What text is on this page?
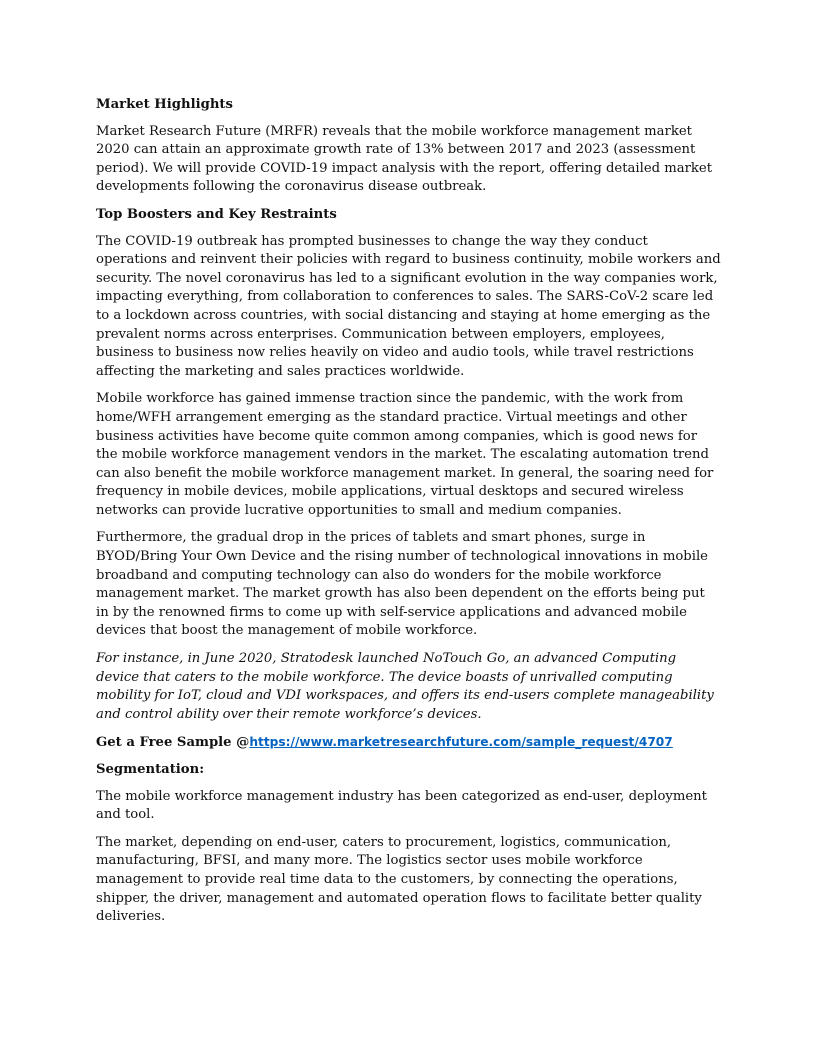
Market Highlights

Market Research Future (MRFR) reveals that the mobile workforce management market 2020 can attain an approximate growth rate of 13% between 2017 and 2023 (assessment period). We will provide COVID-19 impact analysis with the report, offering detailed market developments following the coronavirus disease outbreak.

Top Boosters and Key Restraints

The COVID-19 outbreak has prompted businesses to change the way they conduct operations and reinvent their policies with regard to business continuity, mobile workers and security. The novel coronavirus has led to a significant evolution in the way companies work, impacting everything, from collaboration to conferences to sales. The SARS-CoV-2 scare led to a lockdown across countries, with social distancing and staying at home emerging as the prevalent norms across enterprises. Communication between employers, employees, business to business now relies heavily on video and audio tools, while travel restrictions affecting the marketing and sales practices worldwide.

Mobile workforce has gained immense traction since the pandemic, with the work from home/WFH arrangement emerging as the standard practice. Virtual meetings and other business activities have become quite common among companies, which is good news for the mobile workforce management vendors in the market. The escalating automation trend can also benefit the mobile workforce management market. In general, the soaring need for frequency in mobile devices, mobile applications, virtual desktops and secured wireless networks can provide lucrative opportunities to small and medium companies.

Furthermore, the gradual drop in the prices of tablets and smart phones, surge in BYOD/Bring Your Own Device and the rising number of technological innovations in mobile broadband and computing technology can also do wonders for the mobile workforce management market. The market growth has also been dependent on the efforts being put in by the renowned firms to come up with self-service applications and advanced mobile devices that boost the management of mobile workforce.

For instance, in June 2020, Stratodesk launched NoTouch Go, an advanced Computing device that caters to the mobile workforce. The device boasts of unrivalled computing mobility for IoT, cloud and VDI workspaces, and offers its end-users complete manageability and control ability over their remote workforce’s devices.

Get a Free Sample @https://www.marketresearchfuture.com/sample_request/4707

Segmentation:

The mobile workforce management industry has been categorized as end-user, deployment and tool.

The market, depending on end-user, caters to procurement, logistics, communication, manufacturing, BFSI, and many more. The logistics sector uses mobile workforce management to provide real time data to the customers, by connecting the operations, shipper, the driver, management and automated operation flows to facilitate better quality deliveries.
